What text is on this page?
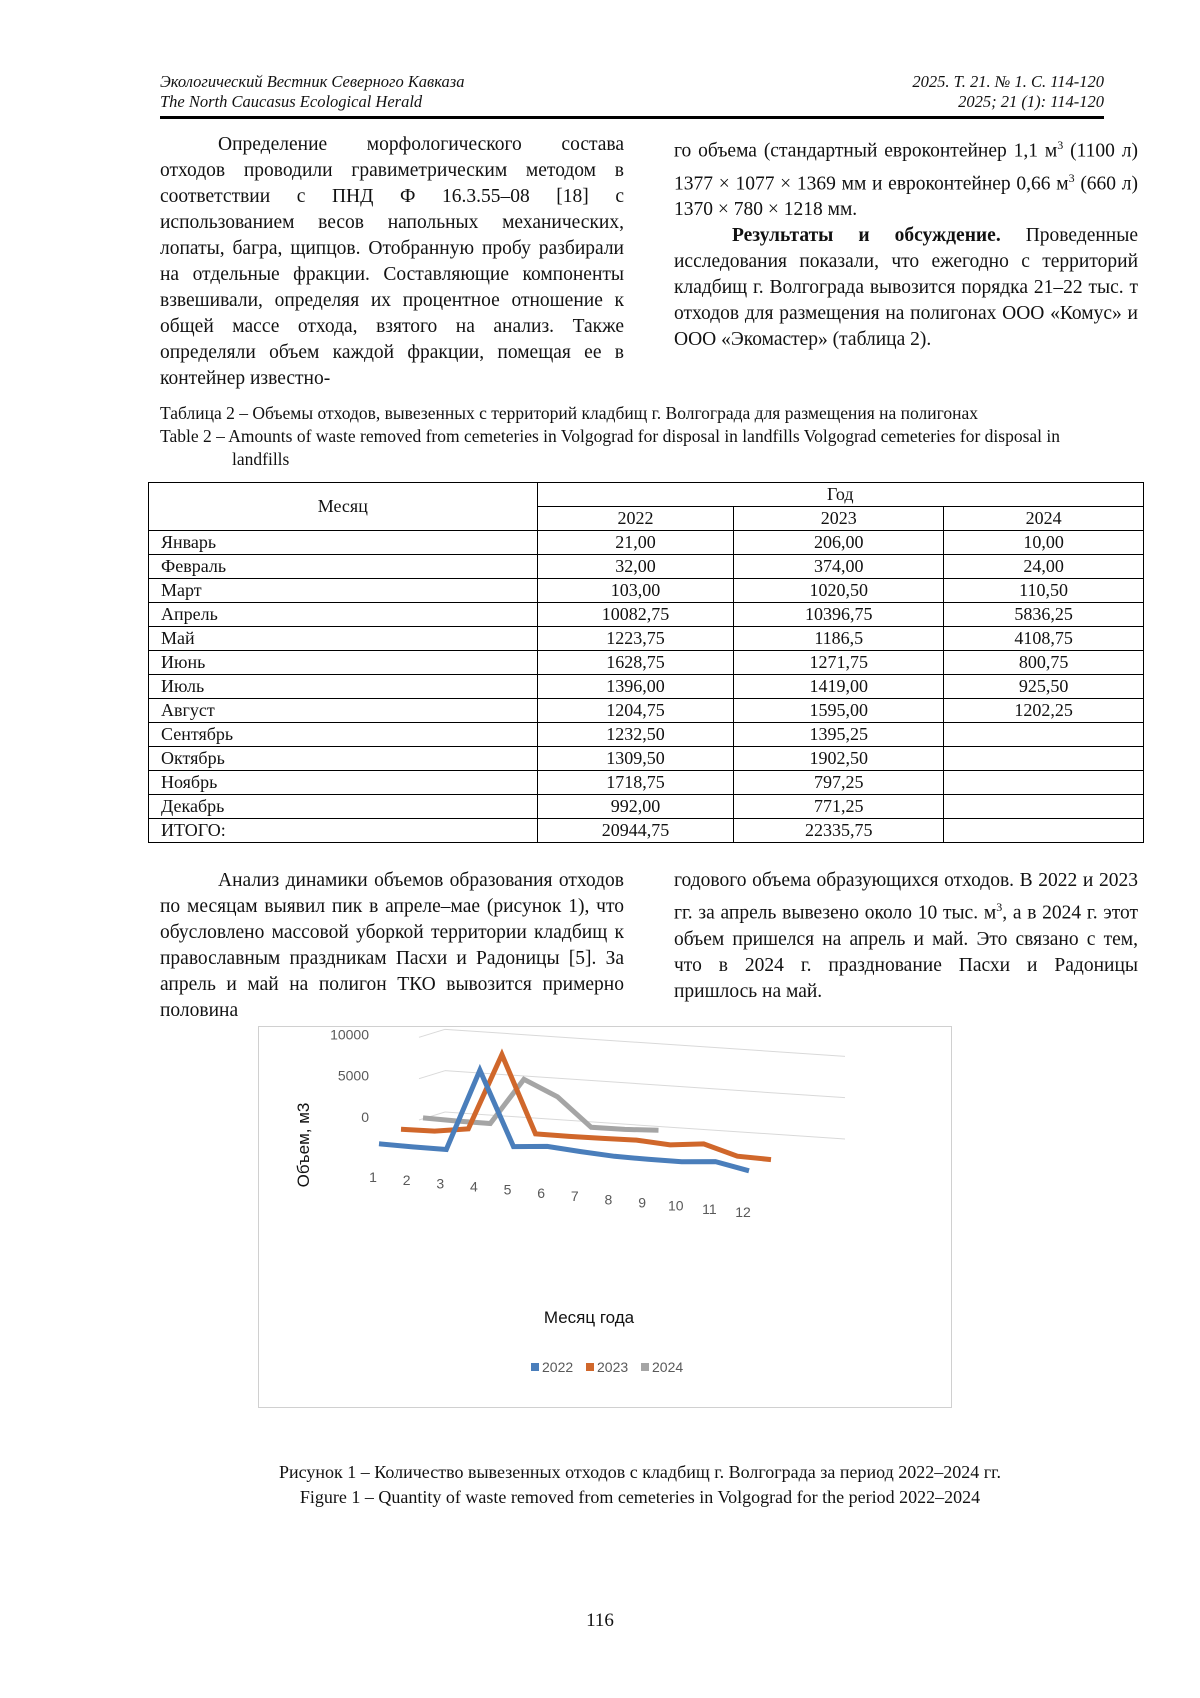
Экологический Вестник Северного Кавказа	2025. Т. 21. № 1. С. 114-120
The North Caucasus Ecological Herald	2025; 21 (1): 114-120

Определение морфологического состава отходов проводили гравиметрическим методом в соответствии с ПНД Ф 16.3.55–08 [18] с использованием весов напольных механических, лопаты, багра, щипцов. Отобранную пробу разбирали на отдельные фракции. Составляющие компоненты взвешивали, определяя их процентное отношение к общей массе отхода, взятого на анализ. Также определяли объем каждой фракции, помещая ее в контейнер известно-

го объема (стандартный евроконтейнер 1,1 $м^3$ (1100 л) 1377 × 1077 × 1369 мм и евроконтейнер 0,66 $м^3$ (660 л) 1370 × 780 × 1218 мм.

Результаты и обсуждение. Проведенные исследования показали, что ежегодно с территорий кладбищ г. Волгограда вывозится порядка 21–22 тыс. т отходов для размещения на полигонах ООО «Комус» и ООО «Экомастер» (таблица 2).

Таблица 2 – Объемы отходов, вывезенных с территорий кладбищ г. Волгограда для размещения на полигонах
Table 2 – Amounts of waste removed from cemeteries in Volgograd for disposal in landfills Volgograd cemeteries for disposal in landfills
Месяц	Год		
	2022	2023	2024
Январь	21,00	206,00	10,00
Февраль	32,00	374,00	24,00
Март	103,00	1020,50	110,50
Апрель	10082,75	10396,75	5836,25
Май	1223,75	1186,5	4108,75
Июнь	1628,75	1271,75	800,75
Июль	1396,00	1419,00	925,50
Август	1204,75	1595,00	1202,25
Сентябрь	1232,50	1395,25	
Октябрь	1309,50	1902,50	
Ноябрь	1718,75	797,25	
Декабрь	992,00	771,25	
ИТОГО:	20944,75	22335,75	

Анализ динамики объемов образования отходов по месяцам выявил пик в апреле–мае (рисунок 1), что обусловлено массовой уборкой территории кладбищ к православным праздникам Пасхи и Радоницы [5]. За апрель и май на полигон ТКО вывозится примерно половина

годового объема образующихся отходов. В 2022 и 2023 гг. за апрель вывезено около 10 тыс. $м^3$, а в 2024 г. этот объем пришелся на апрель и май. Это связано с тем, что в 2024 г. празднование Пасхи и Радоницы пришлось на май.

0
5000
10000
1 2 3 4 5 6 7 8 9 10 11 12
Месяц года
Объем, м3
2022 2023 2024
Рисунок 1 – Количество вывезенных отходов с кладбищ г. Волгограда за период 2022–2024 гг.
Figure 1 – Quantity of waste removed from cemeteries in Volgograd for the period 2022–2024
116
